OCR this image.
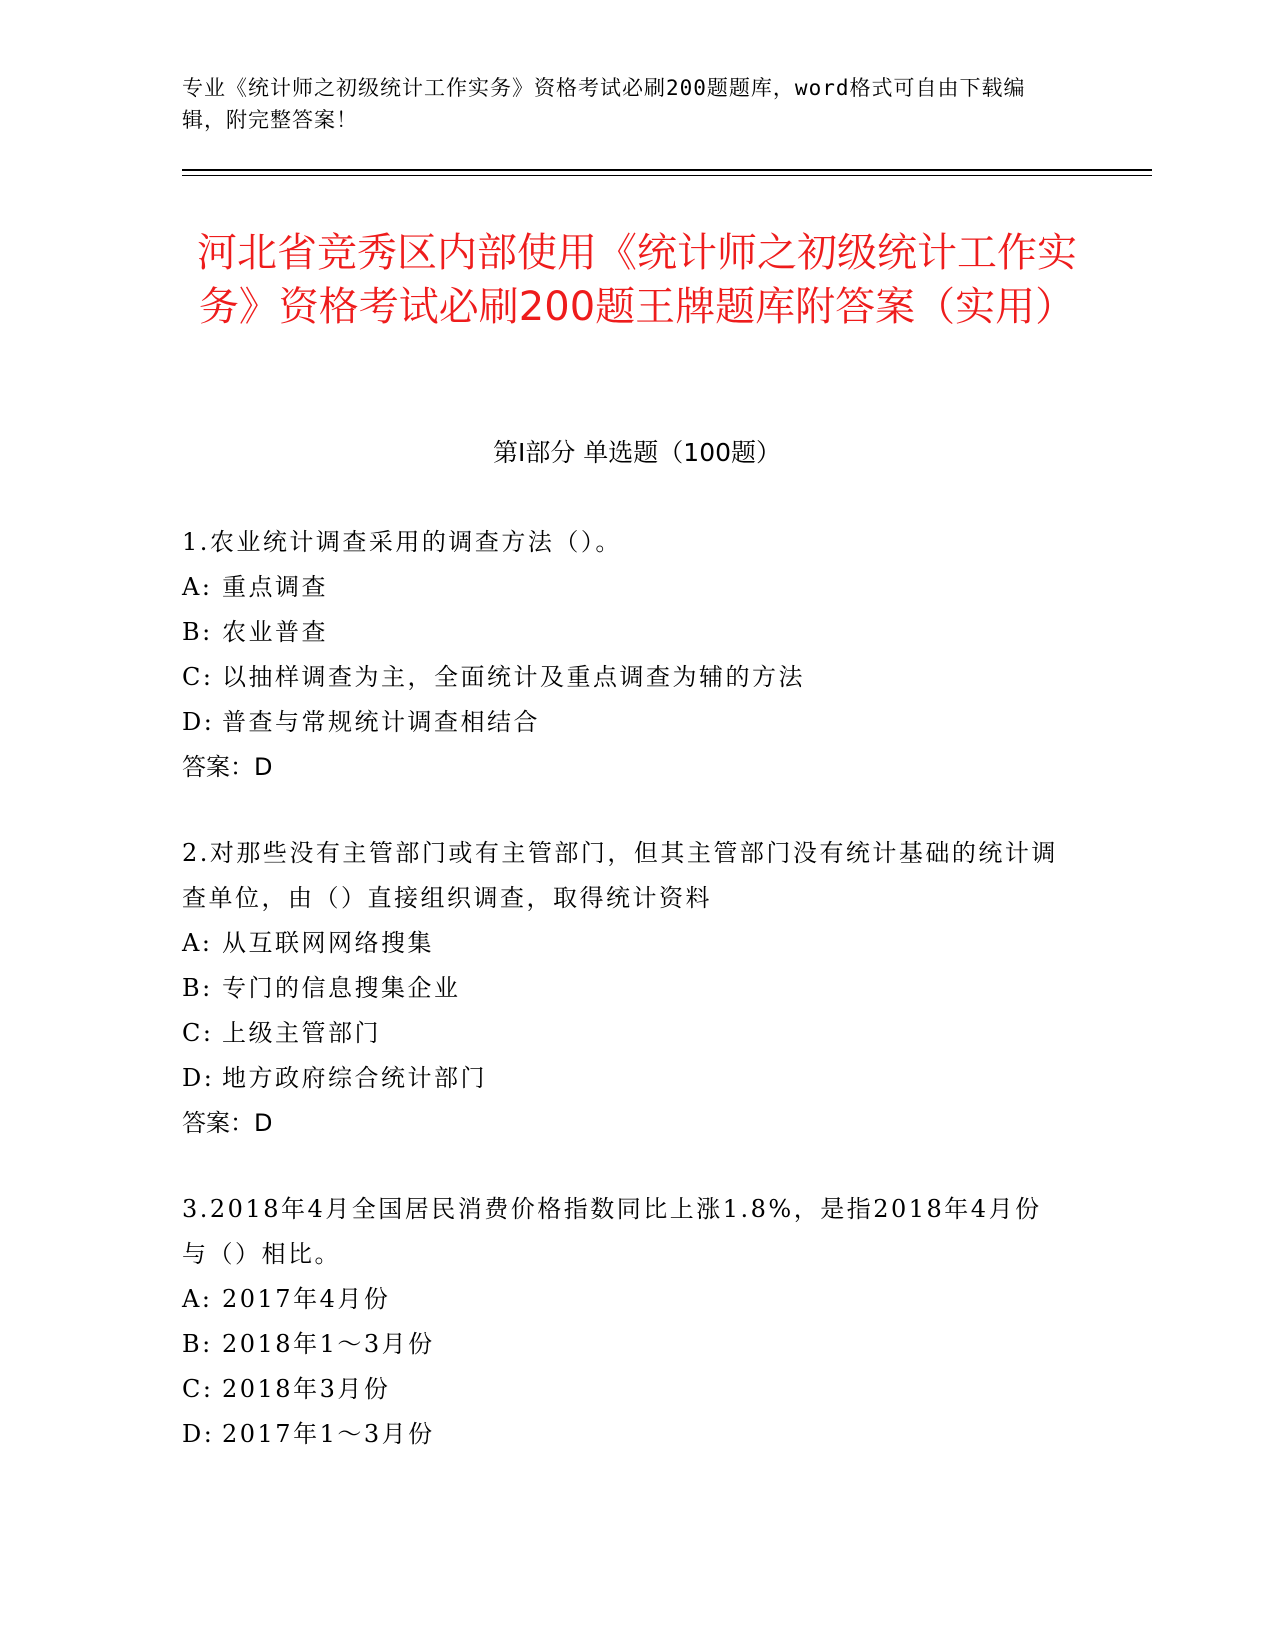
专业《统计师之初级统计工作实务》资格考试必刷200题题库，word格式可自由下载编辑，附完整答案！
河北省竞秀区内部使用《统计师之初级统计工作实务》资格考试必刷200题王牌题库附答案（实用）
第Ⅰ部分 单选题（100题）
1.农业统计调查采用的调查方法（）。
A: 重点调查
B: 农业普查
C: 以抽样调查为主，全面统计及重点调查为辅的方法
D: 普查与常规统计调查相结合
答案：D
2.对那些没有主管部门或有主管部门，但其主管部门没有统计基础的统计调查单位，由（）直接组织调查，取得统计资料
A: 从互联网网络搜集
B: 专门的信息搜集企业
C: 上级主管部门
D: 地方政府综合统计部门
答案：D
3.2018年4月全国居民消费价格指数同比上涨1.8%，是指2018年4月份与（）相比。
A: 2017年4月份
B: 2018年1～3月份
C: 2018年3月份
D: 2017年1～3月份
